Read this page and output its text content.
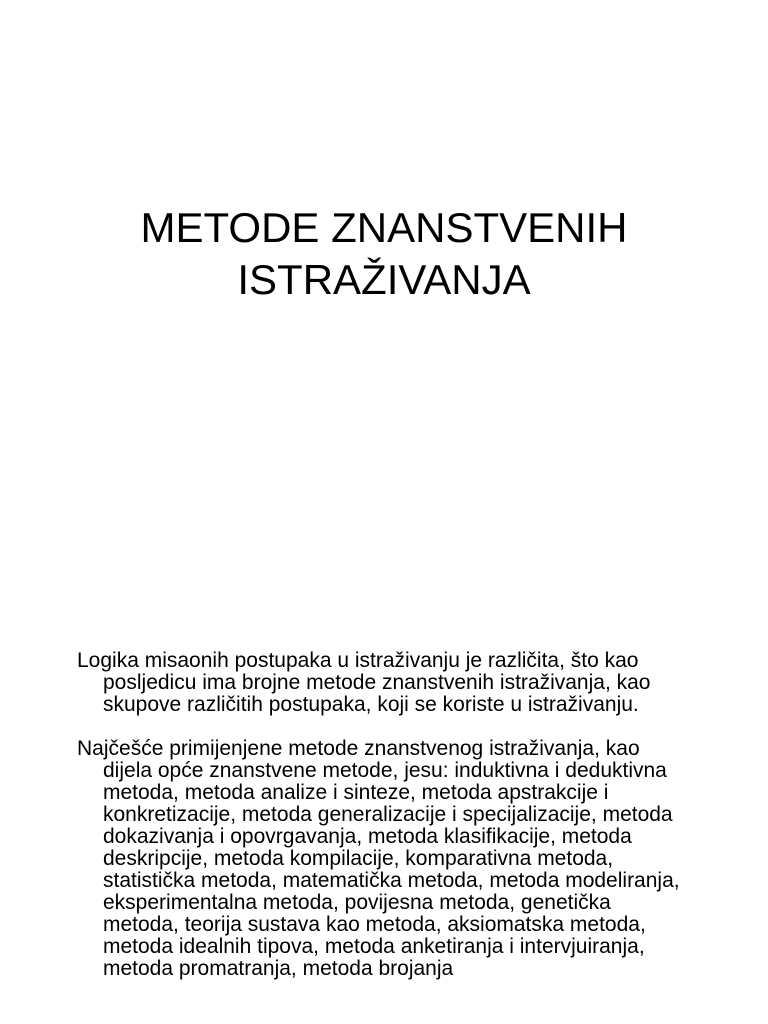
METODE ZNANSTVENIH
ISTRAŽIVANJA

Logika misaonih postupaka u istraživanju je različita, što kao posljedicu ima brojne metode znanstvenih istraživanja, kao skupove različitih postupaka, koji se koriste u istraživanju.

Najčešće primijenjene metode znanstvenog istraživanja, kao dijela opće znanstvene metode, jesu: induktivna i deduktivna metoda, metoda analize i sinteze, metoda apstrakcije i konkretizacije, metoda generalizacije i specijalizacije, metoda dokazivanja i opovrgavanja, metoda klasifikacije, metoda deskripcije, metoda kompilacije, komparativna metoda, statistička metoda, matematička metoda, metoda modeliranja, eksperimentalna metoda, povijesna metoda, genetička metoda, teorija sustava kao metoda, aksiomatska metoda, metoda idealnih tipova, metoda anketiranja i intervjuiranja, metoda promatranja, metoda brojanja
